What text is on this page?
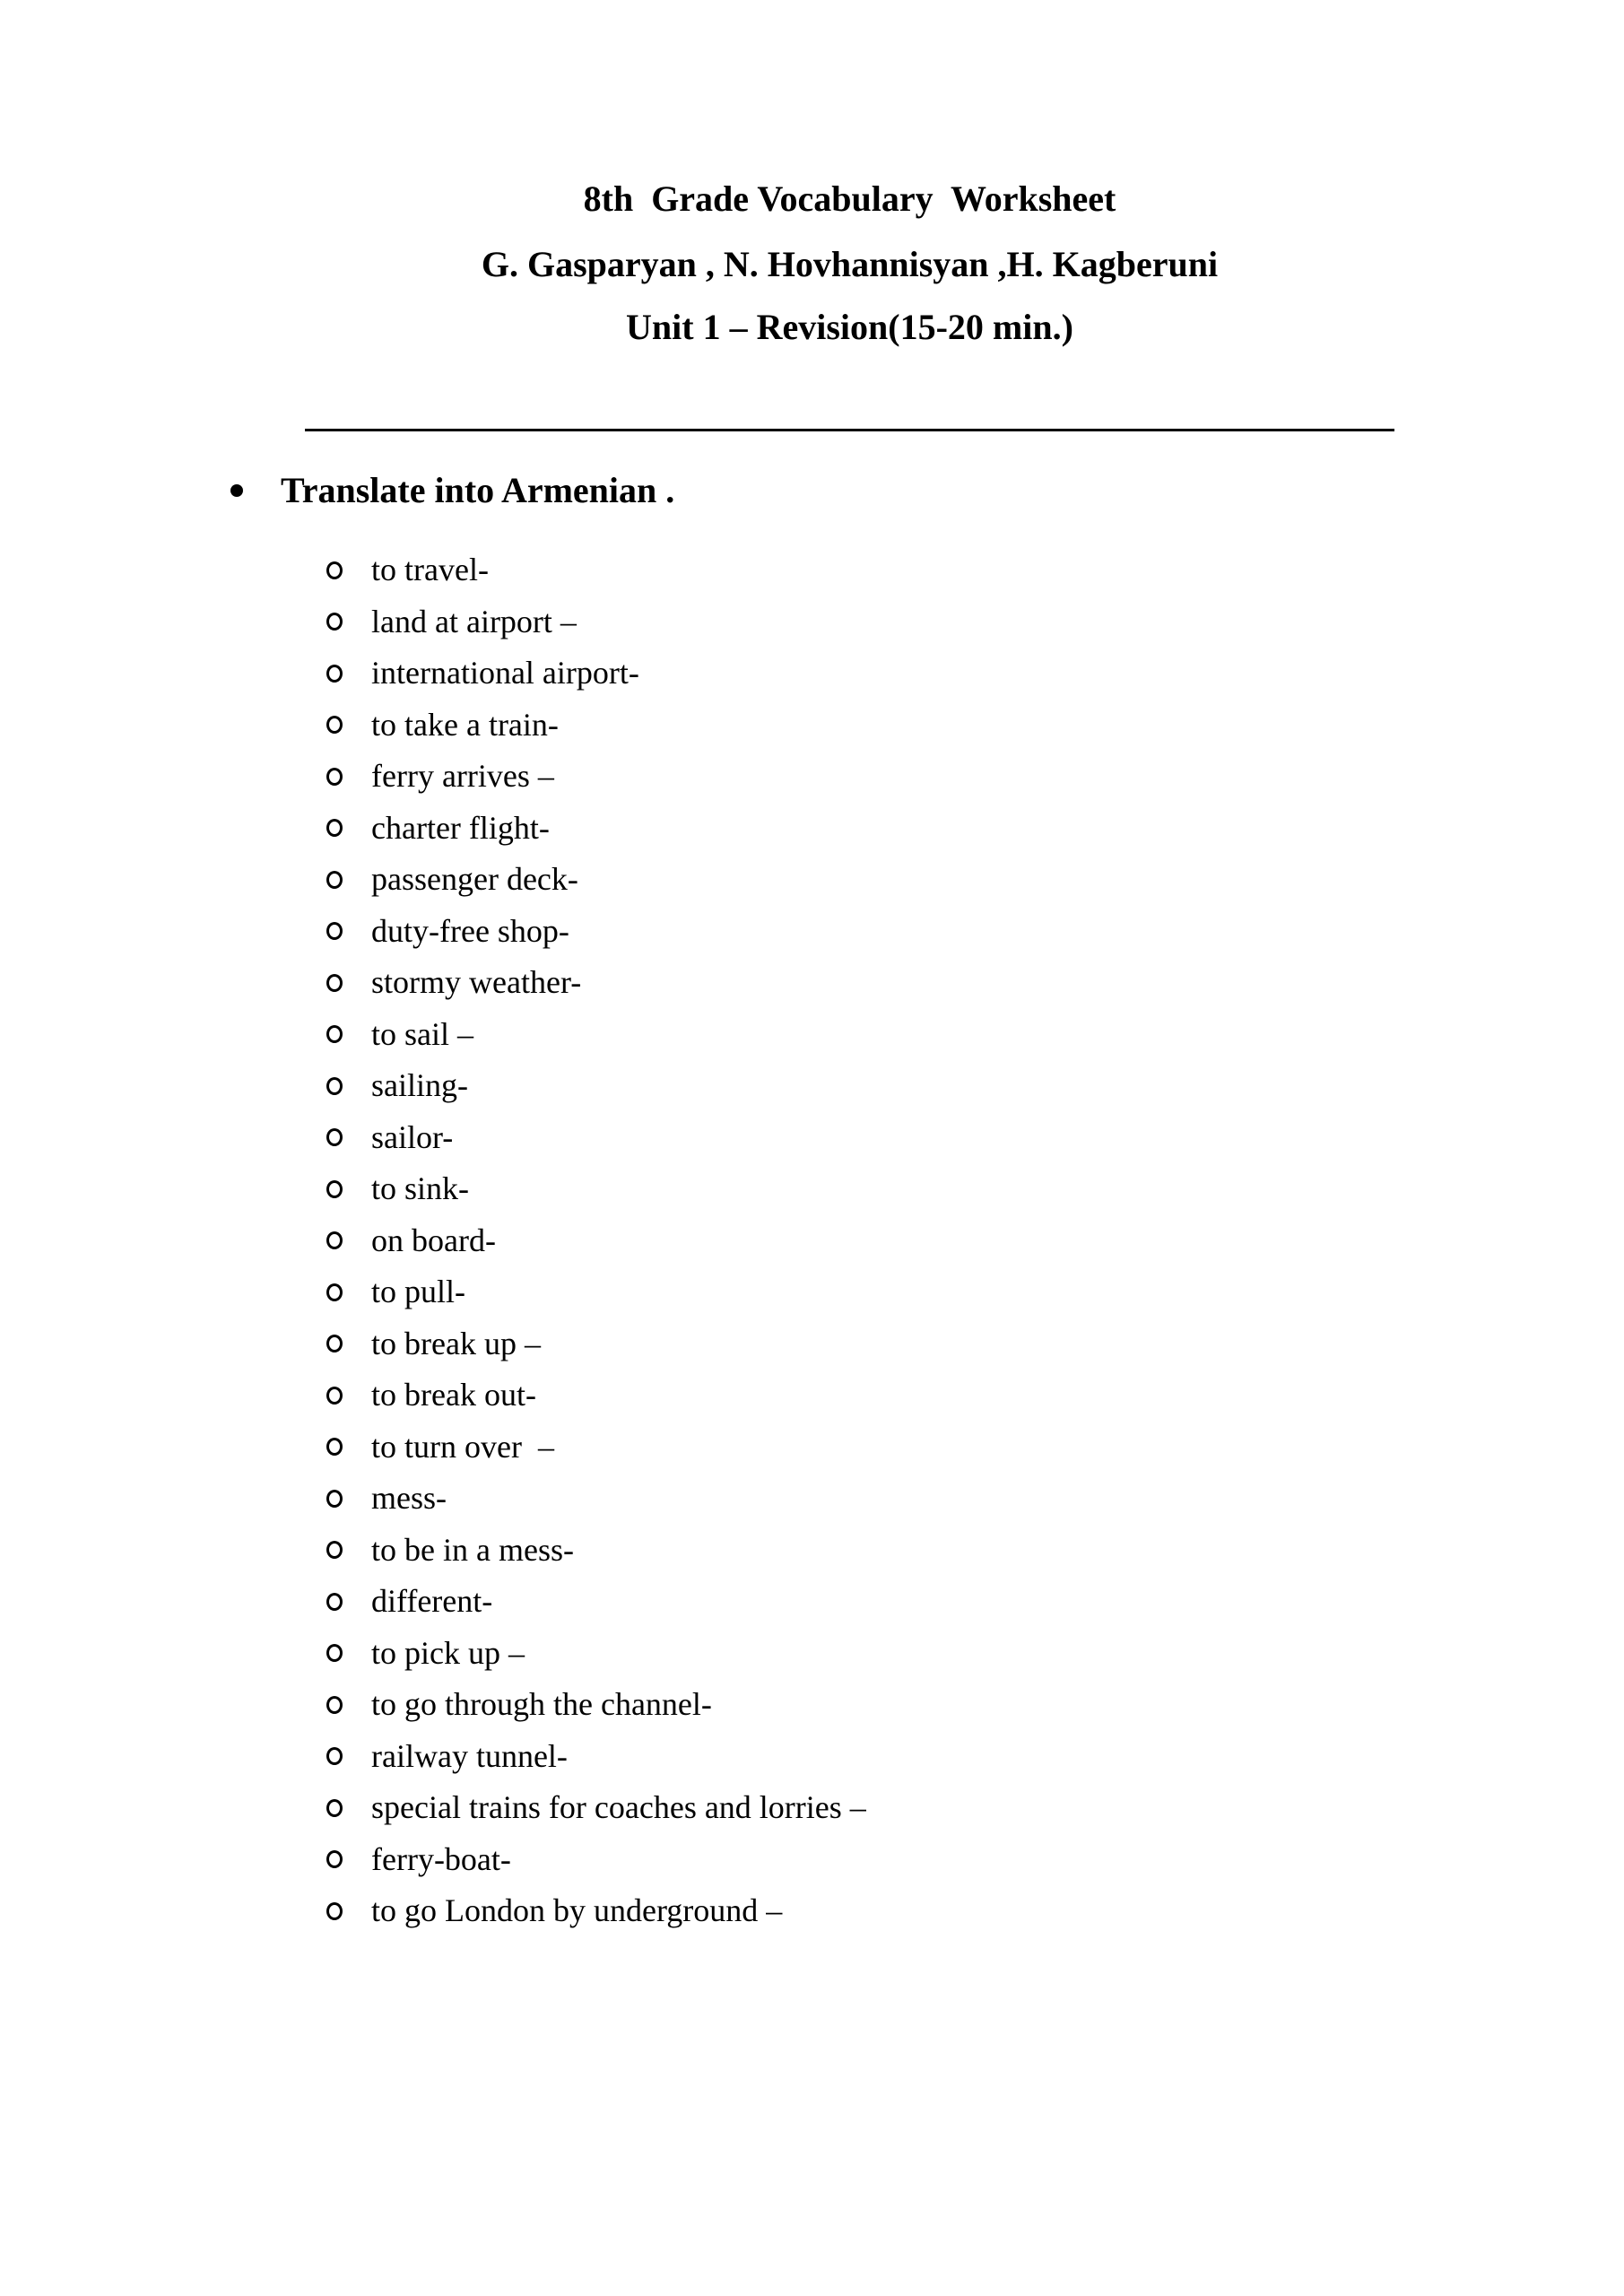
8th  Grade Vocabulary  Worksheet
G. Gasparyan , N. Hovhannisyan ,H. Kagberuni
Unit 1 – Revision(15-20 min.)
Translate into Armenian .
to travel-
land at airport –
international airport-
to take a train-
ferry arrives –
charter flight-
passenger deck-
duty-free shop-
stormy weather-
to sail –
sailing-
sailor-
to sink-
on board-
to pull-
to break up –
to break out-
to turn over  –
mess-
to be in a mess-
different-
to pick up –
to go through the channel-
railway tunnel-
special trains for coaches and lorries –
ferry-boat-
to go London by underground –
